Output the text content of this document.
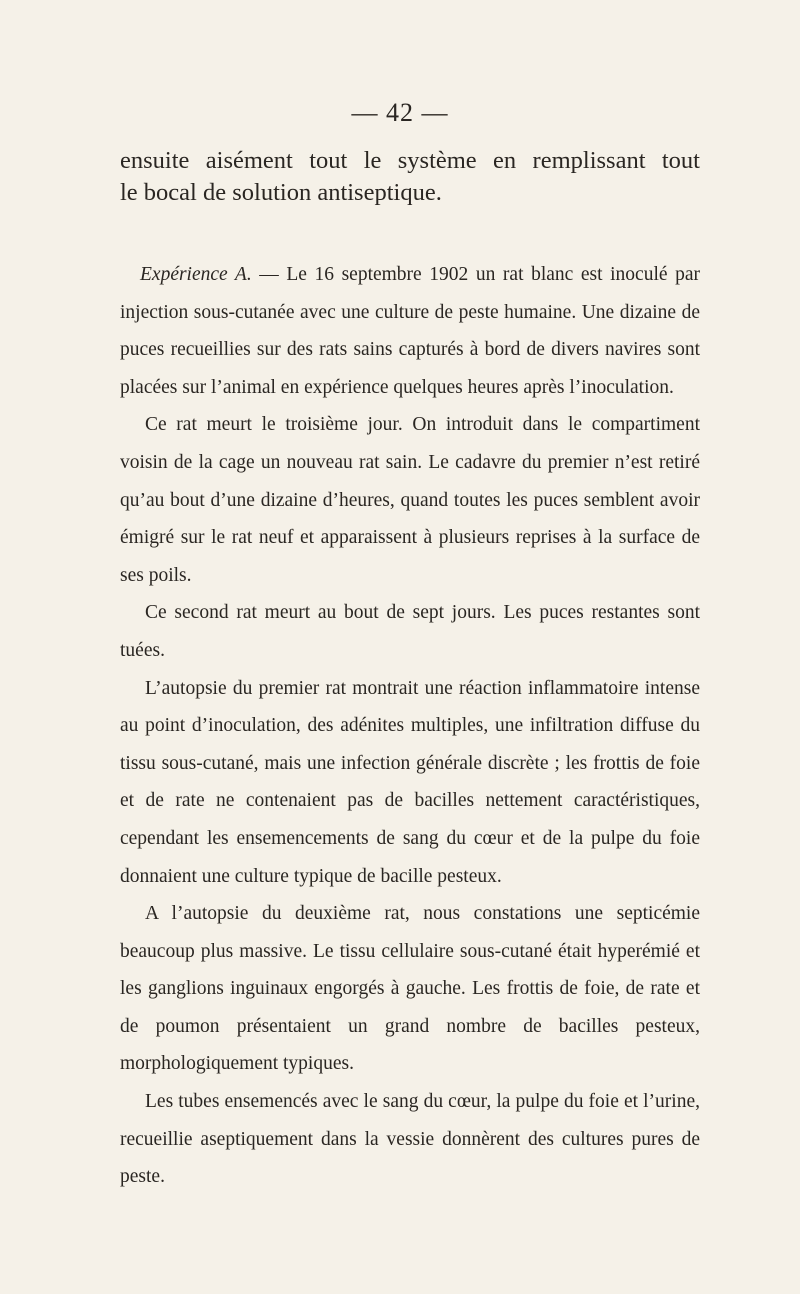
— 42 —

ensuite aisément tout le système en remplissant tout
le bocal de solution antiseptique.

Expérience A. — Le 16 septembre 1902 un rat blanc est inoculé par injection sous-cutanée avec une culture de peste humaine. Une dizaine de puces recueillies sur des rats sains capturés à bord de divers navires sont placées sur l’animal en expérience quelques heures après l’inoculation.

Ce rat meurt le troisième jour. On introduit dans le compartiment voisin de la cage un nouveau rat sain. Le cadavre du premier n’est retiré qu’au bout d’une dizaine d’heures, quand toutes les puces semblent avoir émigré sur le rat neuf et apparaissent à plusieurs reprises à la surface de ses poils.

Ce second rat meurt au bout de sept jours. Les puces restantes sont tuées.

L’autopsie du premier rat montrait une réaction inflammatoire intense au point d’inoculation, des adénites multiples, une infiltration diffuse du tissu sous-cutané, mais une infection générale discrète ; les frottis de foie et de rate ne contenaient pas de bacilles nettement caractéristiques, cependant les ensemencements de sang du cœur et de la pulpe du foie donnaient une culture typique de bacille pesteux.

A l’autopsie du deuxième rat, nous constations une septicémie beaucoup plus massive. Le tissu cellulaire sous-cutané était hyperémié et les ganglions inguinaux engorgés à gauche. Les frottis de foie, de rate et de poumon présentaient un grand nombre de bacilles pesteux, morphologiquement typiques.

Les tubes ensemencés avec le sang du cœur, la pulpe du foie et l’urine, recueillie aseptiquement dans la vessie donnèrent des cultures pures de peste.
